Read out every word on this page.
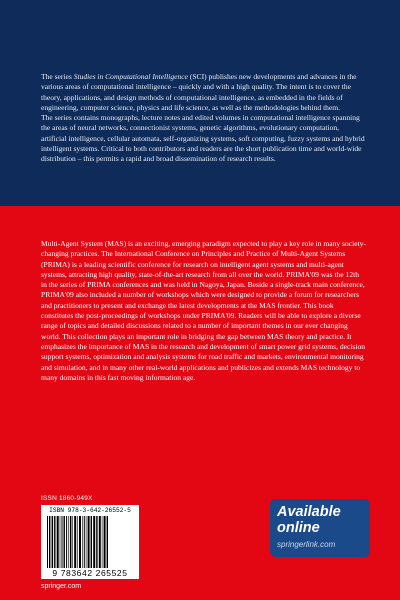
The series Studies in Computational Intelligence (SCI) publishes new developments and advances in the various areas of computational intelligence – quickly and with a high quality. The intent is to cover the theory, applications, and design methods of computational intelligence, as embedded in the fields of engineering, computer science, physics and life science, as well as the methodologies behind them.

The series contains monographs, lecture notes and edited volumes in computational intelligence spanning the areas of neural networks, connectionist systems, genetic algorithms, evolutionary computation, artificial intelligence, cellular automata, self-organizing systems, soft computing, fuzzy systems and hybrid intelligent systems. Critical to both contributors and readers are the short publication time and world-wide distribution – this permits a rapid and broad dissemination of research results.

Multi-Agent System (MAS) is an exciting, emerging paradigm expected to play a key role in many society-changing practices. The International Conference on Principles and Practice of Multi-Agent Systems (PRIMA) is a leading scientific conference for research on intelligent agent systems and multi-agent systems, attracting high quality, state-of-the-art research from all over the world. PRIMA'09 was the 12th in the series of PRIMA conferences and was held in Nagoya, Japan. Beside a single-track main conference, PRIMA'09 also included a number of workshops which were designed to provide a forum for researchers and practitioners to present and exchange the latest developments at the MAS frontier. This book constitutes the post-proceedings of workshops under PRIMA'09. Readers will be able to explore a diverse range of topics and detailed discussions related to a number of important themes in our ever changing world. This collection plays an important role in bridging the gap between MAS theory and practice. It emphasizes the importance of MAS in the research and development of smart power grid systems, decision support systems, optimization and analysis systems for road traffic and markets, environmental monitoring and simulation, and in many other real-world applications and publicizes and extends MAS technology to many domains in this fast moving information age.

ISSN 1860-949X
ISBN 978-3-642-26552-5
9 783642 265525
springer.com
Available
online
springerlink.com
